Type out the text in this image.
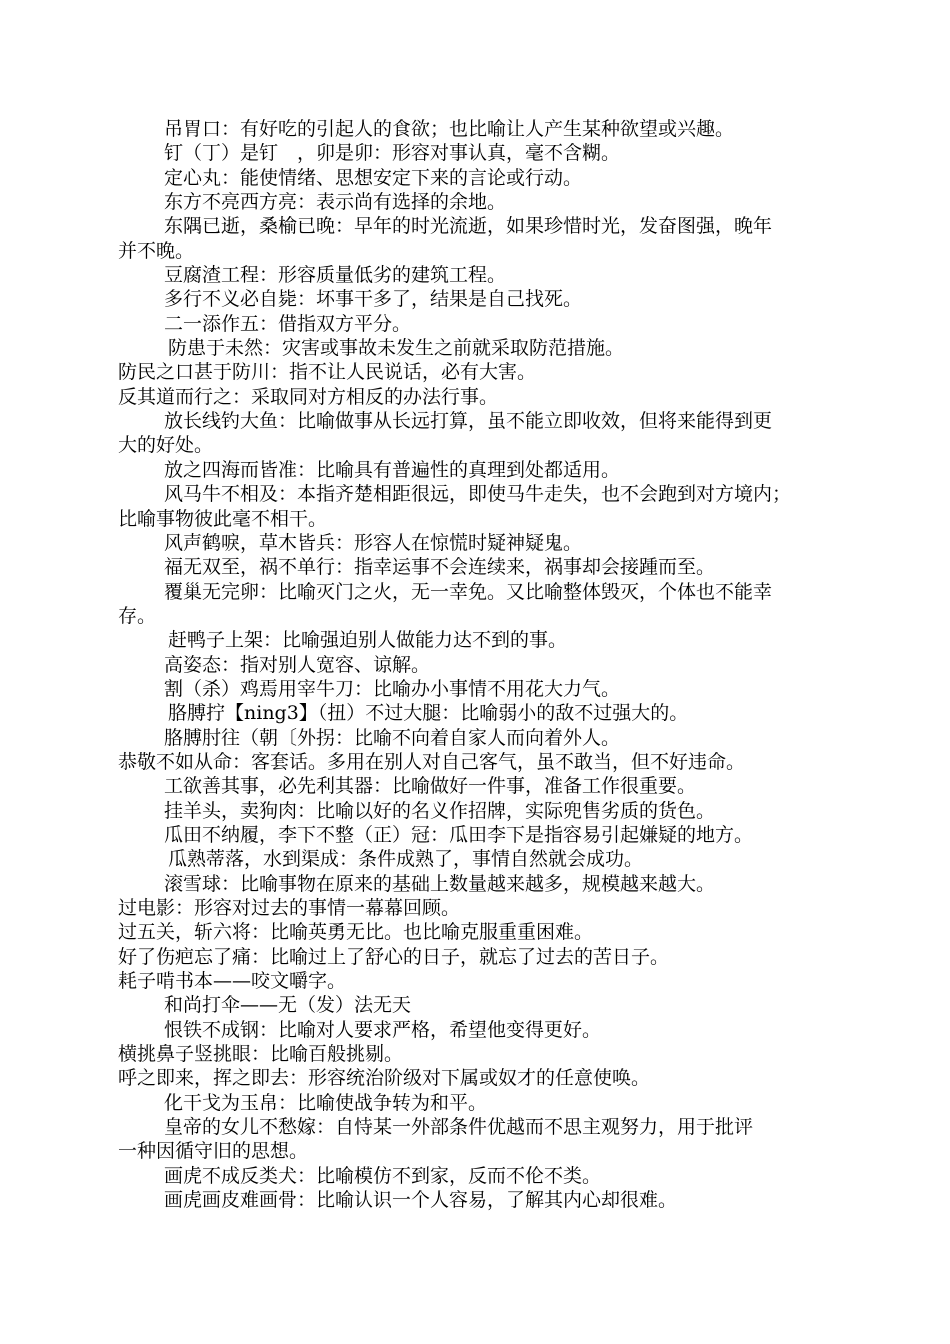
吊胃口：有好吃的引起人的食欲；也比喻让人产生某种欲望或兴趣。
钉（丁）是钉　，卯是卯：形容对事认真，毫不含糊。
定心丸：能使情绪、思想安定下来的言论或行动。
东方不亮西方亮：表示尚有选择的余地。
东隅已逝，桑榆已晚：早年的时光流逝，如果珍惜时光，发奋图强，晚年
并不晚。
豆腐渣工程：形容质量低劣的建筑工程。
多行不义必自毙：坏事干多了，结果是自己找死。
二一添作五：借指双方平分。
防患于未然：灾害或事故未发生之前就采取防范措施。
防民之口甚于防川：指不让人民说话，必有大害。
反其道而行之：采取同对方相反的办法行事。
放长线钓大鱼：比喻做事从长远打算，虽不能立即收效，但将来能得到更
大的好处。
放之四海而皆准：比喻具有普遍性的真理到处都适用。
风马牛不相及：本指齐楚相距很远，即使马牛走失，也不会跑到对方境内；
比喻事物彼此毫不相干。
风声鹤唳，草木皆兵：形容人在惊慌时疑神疑鬼。
福无双至，祸不单行：指幸运事不会连续来，祸事却会接踵而至。
覆巢无完卵：比喻灭门之火，无一幸免。又比喻整体毁灭，个体也不能幸
存。
赶鸭子上架：比喻强迫别人做能力达不到的事。
高姿态：指对别人宽容、谅解。
割（杀）鸡焉用宰牛刀：比喻办小事情不用花大力气。
胳膊拧【ning3】（扭）不过大腿：比喻弱小的敌不过强大的。
胳膊肘往（朝〔外拐：比喻不向着自家人而向着外人。
恭敬不如从命：客套话。多用在别人对自己客气，虽不敢当，但不好违命。
工欲善其事，必先利其器：比喻做好一件事，准备工作很重要。
挂羊头，卖狗肉：比喻以好的名义作招牌，实际兜售劣质的货色。
瓜田不纳履，李下不整（正）冠：瓜田李下是指容易引起嫌疑的地方。
瓜熟蒂落，水到渠成：条件成熟了，事情自然就会成功。
滚雪球：比喻事物在原来的基础上数量越来越多，规模越来越大。
过电影：形容对过去的事情一幕幕回顾。
过五关，斩六将：比喻英勇无比。也比喻克服重重困难。
好了伤疤忘了痛：比喻过上了舒心的日子，就忘了过去的苦日子。
耗子啃书本——咬文嚼字。
和尚打伞——无（发）法无天
恨铁不成钢：比喻对人要求严格，希望他变得更好。
横挑鼻子竖挑眼：比喻百般挑剔。
呼之即来，挥之即去：形容统治阶级对下属或奴才的任意使唤。
化干戈为玉帛：比喻使战争转为和平。
皇帝的女儿不愁嫁：自恃某一外部条件优越而不思主观努力，用于批评
一种因循守旧的思想。
画虎不成反类犬：比喻模仿不到家，反而不伦不类。
画虎画皮难画骨：比喻认识一个人容易，了解其内心却很难。
